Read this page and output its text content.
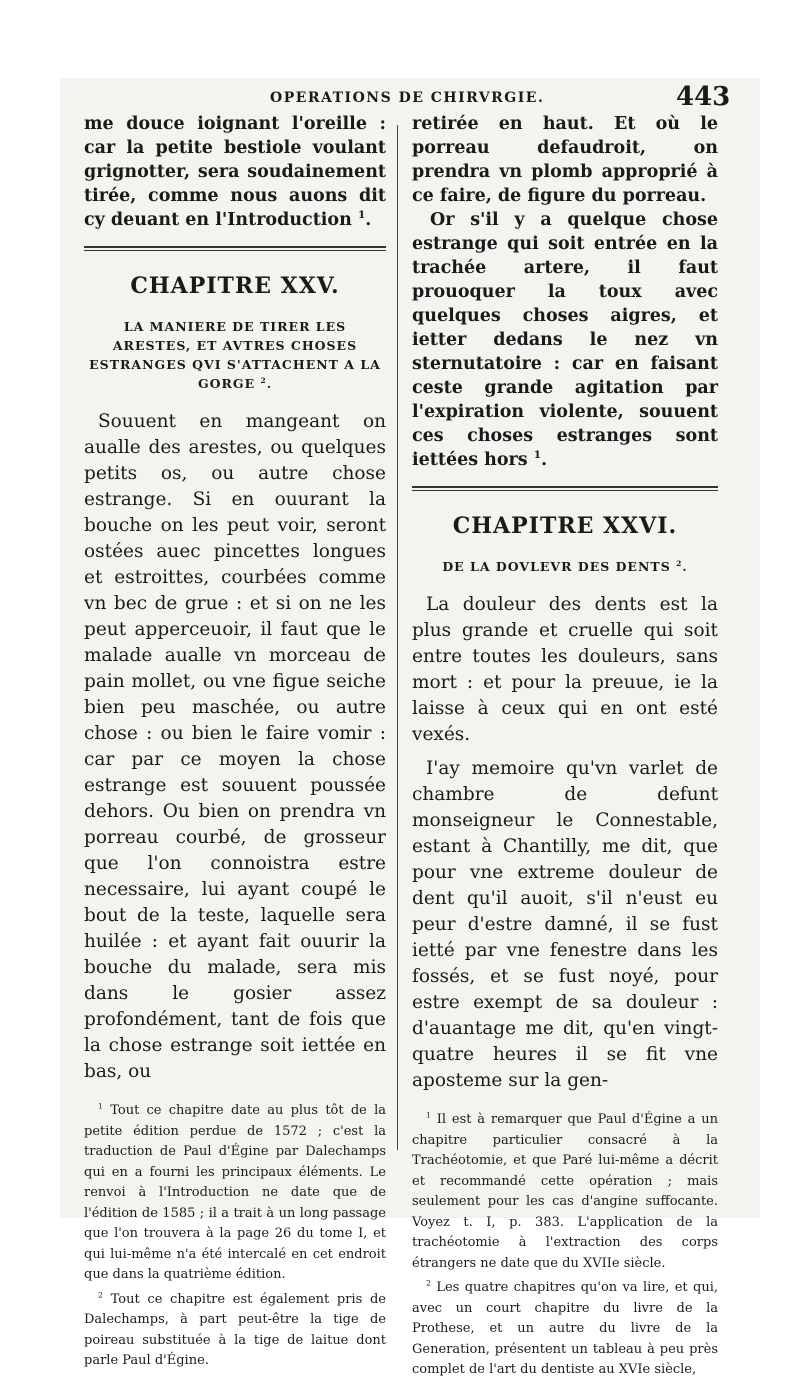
OPERATIONS DE CHIRVRGIE.	443

me douce ioignant l'oreille : car la petite bestiole voulant grignotter, sera soudainement tirée, comme nous auons dit cy deuant en l'Introduction $^1$.

CHAPITRE XXV.
LA MANIERE DE TIRER LES ARESTES, ET AVTRES CHOSES ESTRANGES QVI S'ATTACHENT A LA GORGE $^2$.

Souuent en mangeant on aualle des arestes, ou quelques petits os, ou autre chose estrange. Si en ouurant la bouche on les peut voir, seront ostées auec pincettes longues et estroittes, courbées comme vn bec de grue : et si on ne les peut apperceuoir, il faut que le malade aualle vn morceau de pain mollet, ou vne figue seiche bien peu maschée, ou autre chose : ou bien le faire vomir : car par ce moyen la chose estrange est souuent poussée dehors. Ou bien on prendra vn porreau courbé, de grosseur que l'on connoistra estre necessaire, lui ayant coupé le bout de la teste, laquelle sera huilée : et ayant fait ouurir la bouche du malade, sera mis dans le gosier assez profondément, tant de fois que la chose estrange soit iettée en bas, ou

$^1$ Tout ce chapitre date au plus tôt de la petite édition perdue de 1572 ; c'est la traduction de Paul d'Égine par Dalechamps qui en a fourni les principaux éléments. Le renvoi à l'Introduction ne date que de l'édition de 1585 ; il a trait à un long passage que l'on trouvera à la page 26 du tome I, et qui lui-même n'a été intercalé en cet endroit que dans la quatrième édition.

$^2$ Tout ce chapitre est également pris de Dalechamps, à part peut-être la tige de poireau substituée à la tige de laitue dont parle Paul d'Égine.

retirée en haut. Et où le porreau defaudroit, on prendra vn plomb approprié à ce faire, de figure du porreau.

Or s'il y a quelque chose estrange qui soit entrée en la trachée artere, il faut prouoquer la toux avec quelques choses aigres, et ietter dedans le nez vn sternutatoire : car en faisant ceste grande agitation par l'expiration violente, souuent ces choses estranges sont iettées hors $^1$.

CHAPITRE XXVI.
DE LA DOVLEVR DES DENTS $^2$.

La douleur des dents est la plus grande et cruelle qui soit entre toutes les douleurs, sans mort : et pour la preuue, ie la laisse à ceux qui en ont esté vexés.

I'ay memoire qu'vn varlet de chambre de defunt monseigneur le Connestable, estant à Chantilly, me dit, que pour vne extreme douleur de dent qu'il auoit, s'il n'eust eu peur d'estre damné, il se fust ietté par vne fenestre dans les fossés, et se fust noyé, pour estre exempt de sa douleur : d'auantage me dit, qu'en vingt-quatre heures il se fit vne aposteme sur la gen-

$^1$ Il est à remarquer que Paul d'Égine a un chapitre particulier consacré à la Trachéotomie, et que Paré lui-même a décrit et recommandé cette opération ; mais seulement pour les cas d'angine suffocante. Voyez t. I, p. 383. L'application de la trachéotomie à l'extraction des corps étrangers ne date que du XVIIe siècle.

$^2$ Les quatre chapitres qu'on va lire, et qui, avec un court chapitre du livre de la Prothese, et un autre du livre de la Generation, présentent un tableau à peu près complet de l'art du dentiste au XVIe siècle,
